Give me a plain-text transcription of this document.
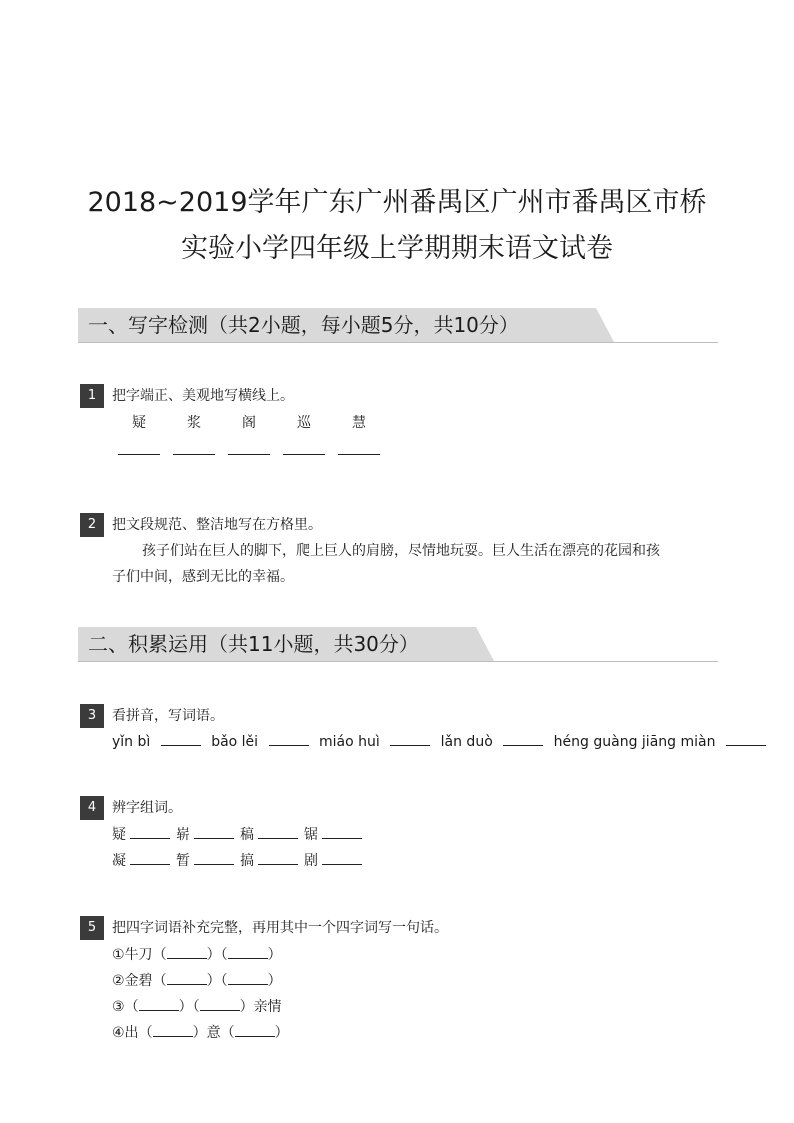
2018~2019学年广东广州番禺区广州市番禺区市桥
实验小学四年级上学期期末语文试卷
一、写字检测（共2小题，每小题5分，共10分）
1	把字端正、美观地写横线上。
疑	浆	阁	巡	慧
2	把文段规范、整洁地写在方格里。
孩子们站在巨人的脚下，爬上巨人的肩膀，尽情地玩耍。巨人生活在漂亮的花园和孩
子们中间，感到无比的幸福。
二、积累运用（共11小题，共30分）
3	看拼音，写词语。
yǐn bì	bǎo lěi	miáo huì	lǎn duò	héng guàng jiāng miàn
4	辨字组词。
疑	崭	稿	锯
凝	暂	搞	剧
5	把四字词语补充完整，再用其中一个四字词写一句话。
①牛刀（	）（	）
②金碧（	）（	）
③（	）（	）亲情
④出（	）意（	）
